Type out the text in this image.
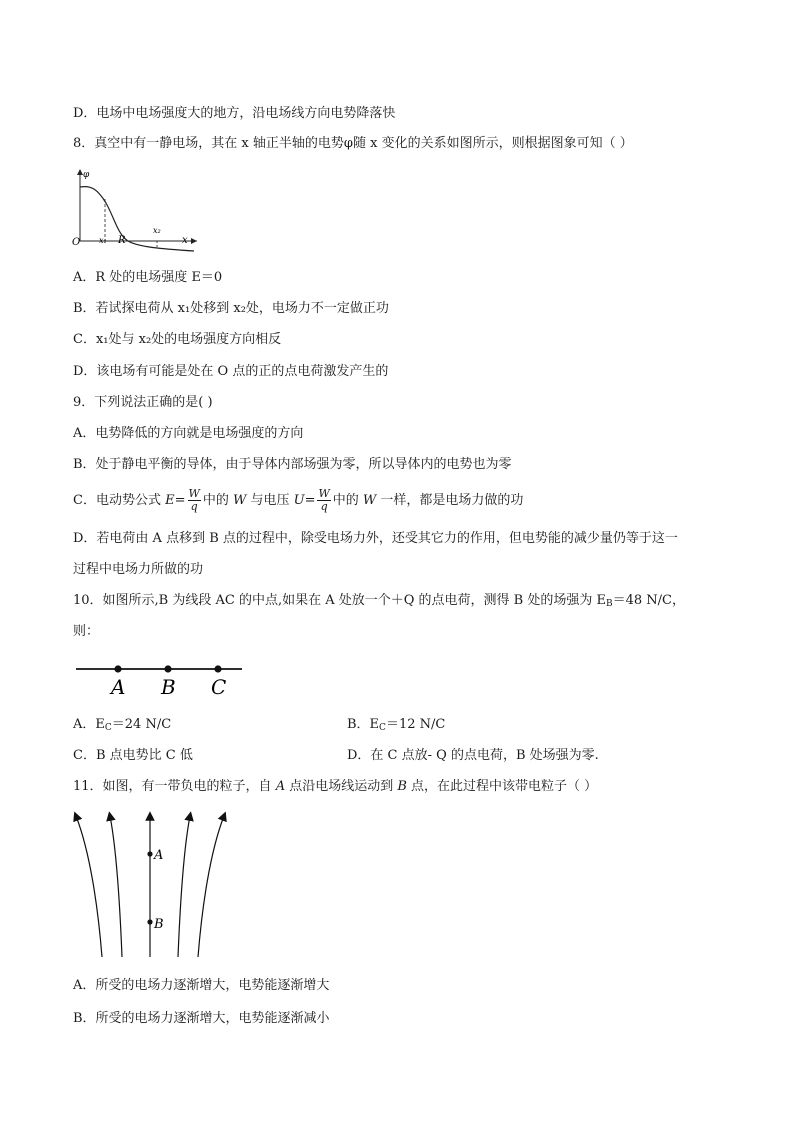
D．电场中电场强度大的地方，沿电场线方向电势降落快
8．真空中有一静电场，其在 x 轴正半轴的电势φ随 x 变化的关系如图所示，则根据图象可知（ ）
φ
O x₁ R
x₂
x
A．R 处的电场强度 E＝0
B．若试探电荷从 x₁处移到 x₂处，电场力不一定做正功
C．x₁处与 x₂处的电场强度方向相反
D．该电场有可能是处在 O 点的正的点电荷激发产生的
9．下列说法正确的是( )
A．电势降低的方向就是电场强度的方向
B．处于静电平衡的导体，由于导体内部场强为零，所以导体内的电势也为零
C．电动势公式 $E= \frac{W}{q}$ 中的 W 与电压 $U= \frac{W}{q}$ 中的 W 一样，都是电场力做的功
D．若电荷由 A 点移到 B 点的过程中，除受电场力外，还受其它力的作用，但电势能的减少量仍等于这一
过程中电场力所做的功
10．如图所示,B 为线段 AC 的中点,如果在 A 处放一个＋Q 的点电荷，测得 B 处的场强为 $E_B=48$ N/C，
则：
A B C
A．$E_C=24$ N/C	B．$E_C=12$ N/C
C．B 点电势比 C 低	D．在 C 点放- Q 的点电荷，B 处场强为零.
11．如图，有一带负电的粒子，自 A 点沿电场线运动到 B 点，在此过程中该带电粒子（ ）
A
B
A．所受的电场力逐渐增大，电势能逐渐增大
B．所受的电场力逐渐增大，电势能逐渐减小
